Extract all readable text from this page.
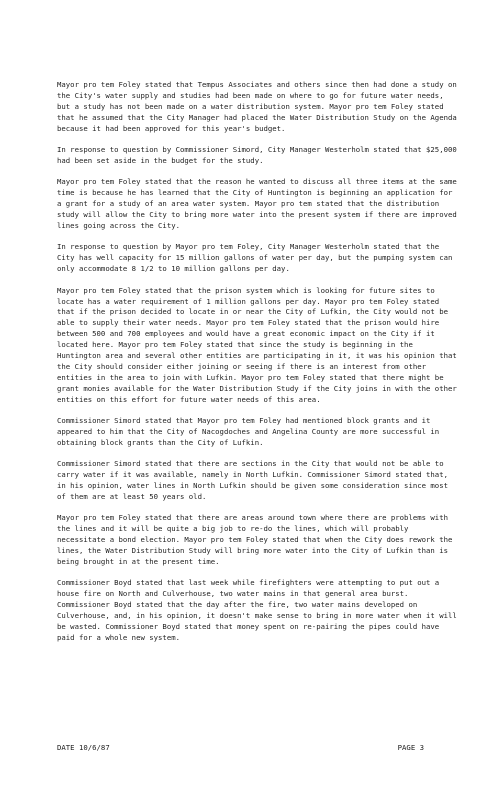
Mayor pro tem Foley stated that Tempus Associates and others since then had done a study on the City's water supply and studies had been made on where to go for future water needs, but a study has not been made on a water distribution system. Mayor pro tem Foley stated that he assumed that the City Manager had placed the Water Distribution Study on the Agenda because it had been approved for this year's budget.

In response to question by Commissioner Simord, City Manager Westerholm stated that $25,000 had been set aside in the budget for the study.

Mayor pro tem Foley stated that the reason he wanted to discuss all three items at the same time is because he has learned that the City of Huntington is beginning an application for a grant for a study of an area water system. Mayor pro tem stated that the distribution study will allow the City to bring more water into the present system if there are improved lines going across the City.

In response to question by Mayor pro tem Foley, City Manager Westerholm stated that the City has well capacity for 15 million gallons of water per day, but the pumping system can only accommodate 8 1/2 to 10 million gallons per day.

Mayor pro tem Foley stated that the prison system which is looking for future sites to locate has a water requirement of 1 million gallons per day. Mayor pro tem Foley stated that if the prison decided to locate in or near the City of Lufkin, the City would not be able to supply their water needs. Mayor pro tem Foley stated that the prison would hire between 500 and 700 employees and would have a great economic impact on the City if it located here. Mayor pro tem Foley stated that since the study is beginning in the Huntington area and several other entities are participating in it, it was his opinion that the City should consider either joining or seeing if there is an interest from other entities in the area to join with Lufkin. Mayor pro tem Foley stated that there might be grant monies available for the Water Distribution Study if the City joins in with the other entities on this effort for future water needs of this area.

Commissioner Simord stated that Mayor pro tem Foley had mentioned block grants and it appeared to him that the City of Nacogdoches and Angelina County are more successful in obtaining block grants than the City of Lufkin.

Commissioner Simord stated that there are sections in the City that would not be able to carry water if it was available, namely in North Lufkin. Commissioner Simord stated that, in his opinion, water lines in North Lufkin should be given some consideration since most of them are at least 50 years old.

Mayor pro tem Foley stated that there are areas around town where there are problems with the lines and it will be quite a big job to re-do the lines, which will probably necessitate a bond election. Mayor pro tem Foley stated that when the City does rework the lines, the Water Distribution Study will bring more water into the City of Lufkin than is being brought in at the present time.

Commissioner Boyd stated that last week while firefighters were attempting to put out a house fire on North and Culverhouse, two water mains in that general area burst. Commissioner Boyd stated that the day after the fire, two water mains developed on Culverhouse, and, in his opinion, it doesn't make sense to bring in more water when it will be wasted. Commissioner Boyd stated that money spent on re-pairing the pipes could have paid for a whole new system.

DATE 10/6/87	PAGE 3
